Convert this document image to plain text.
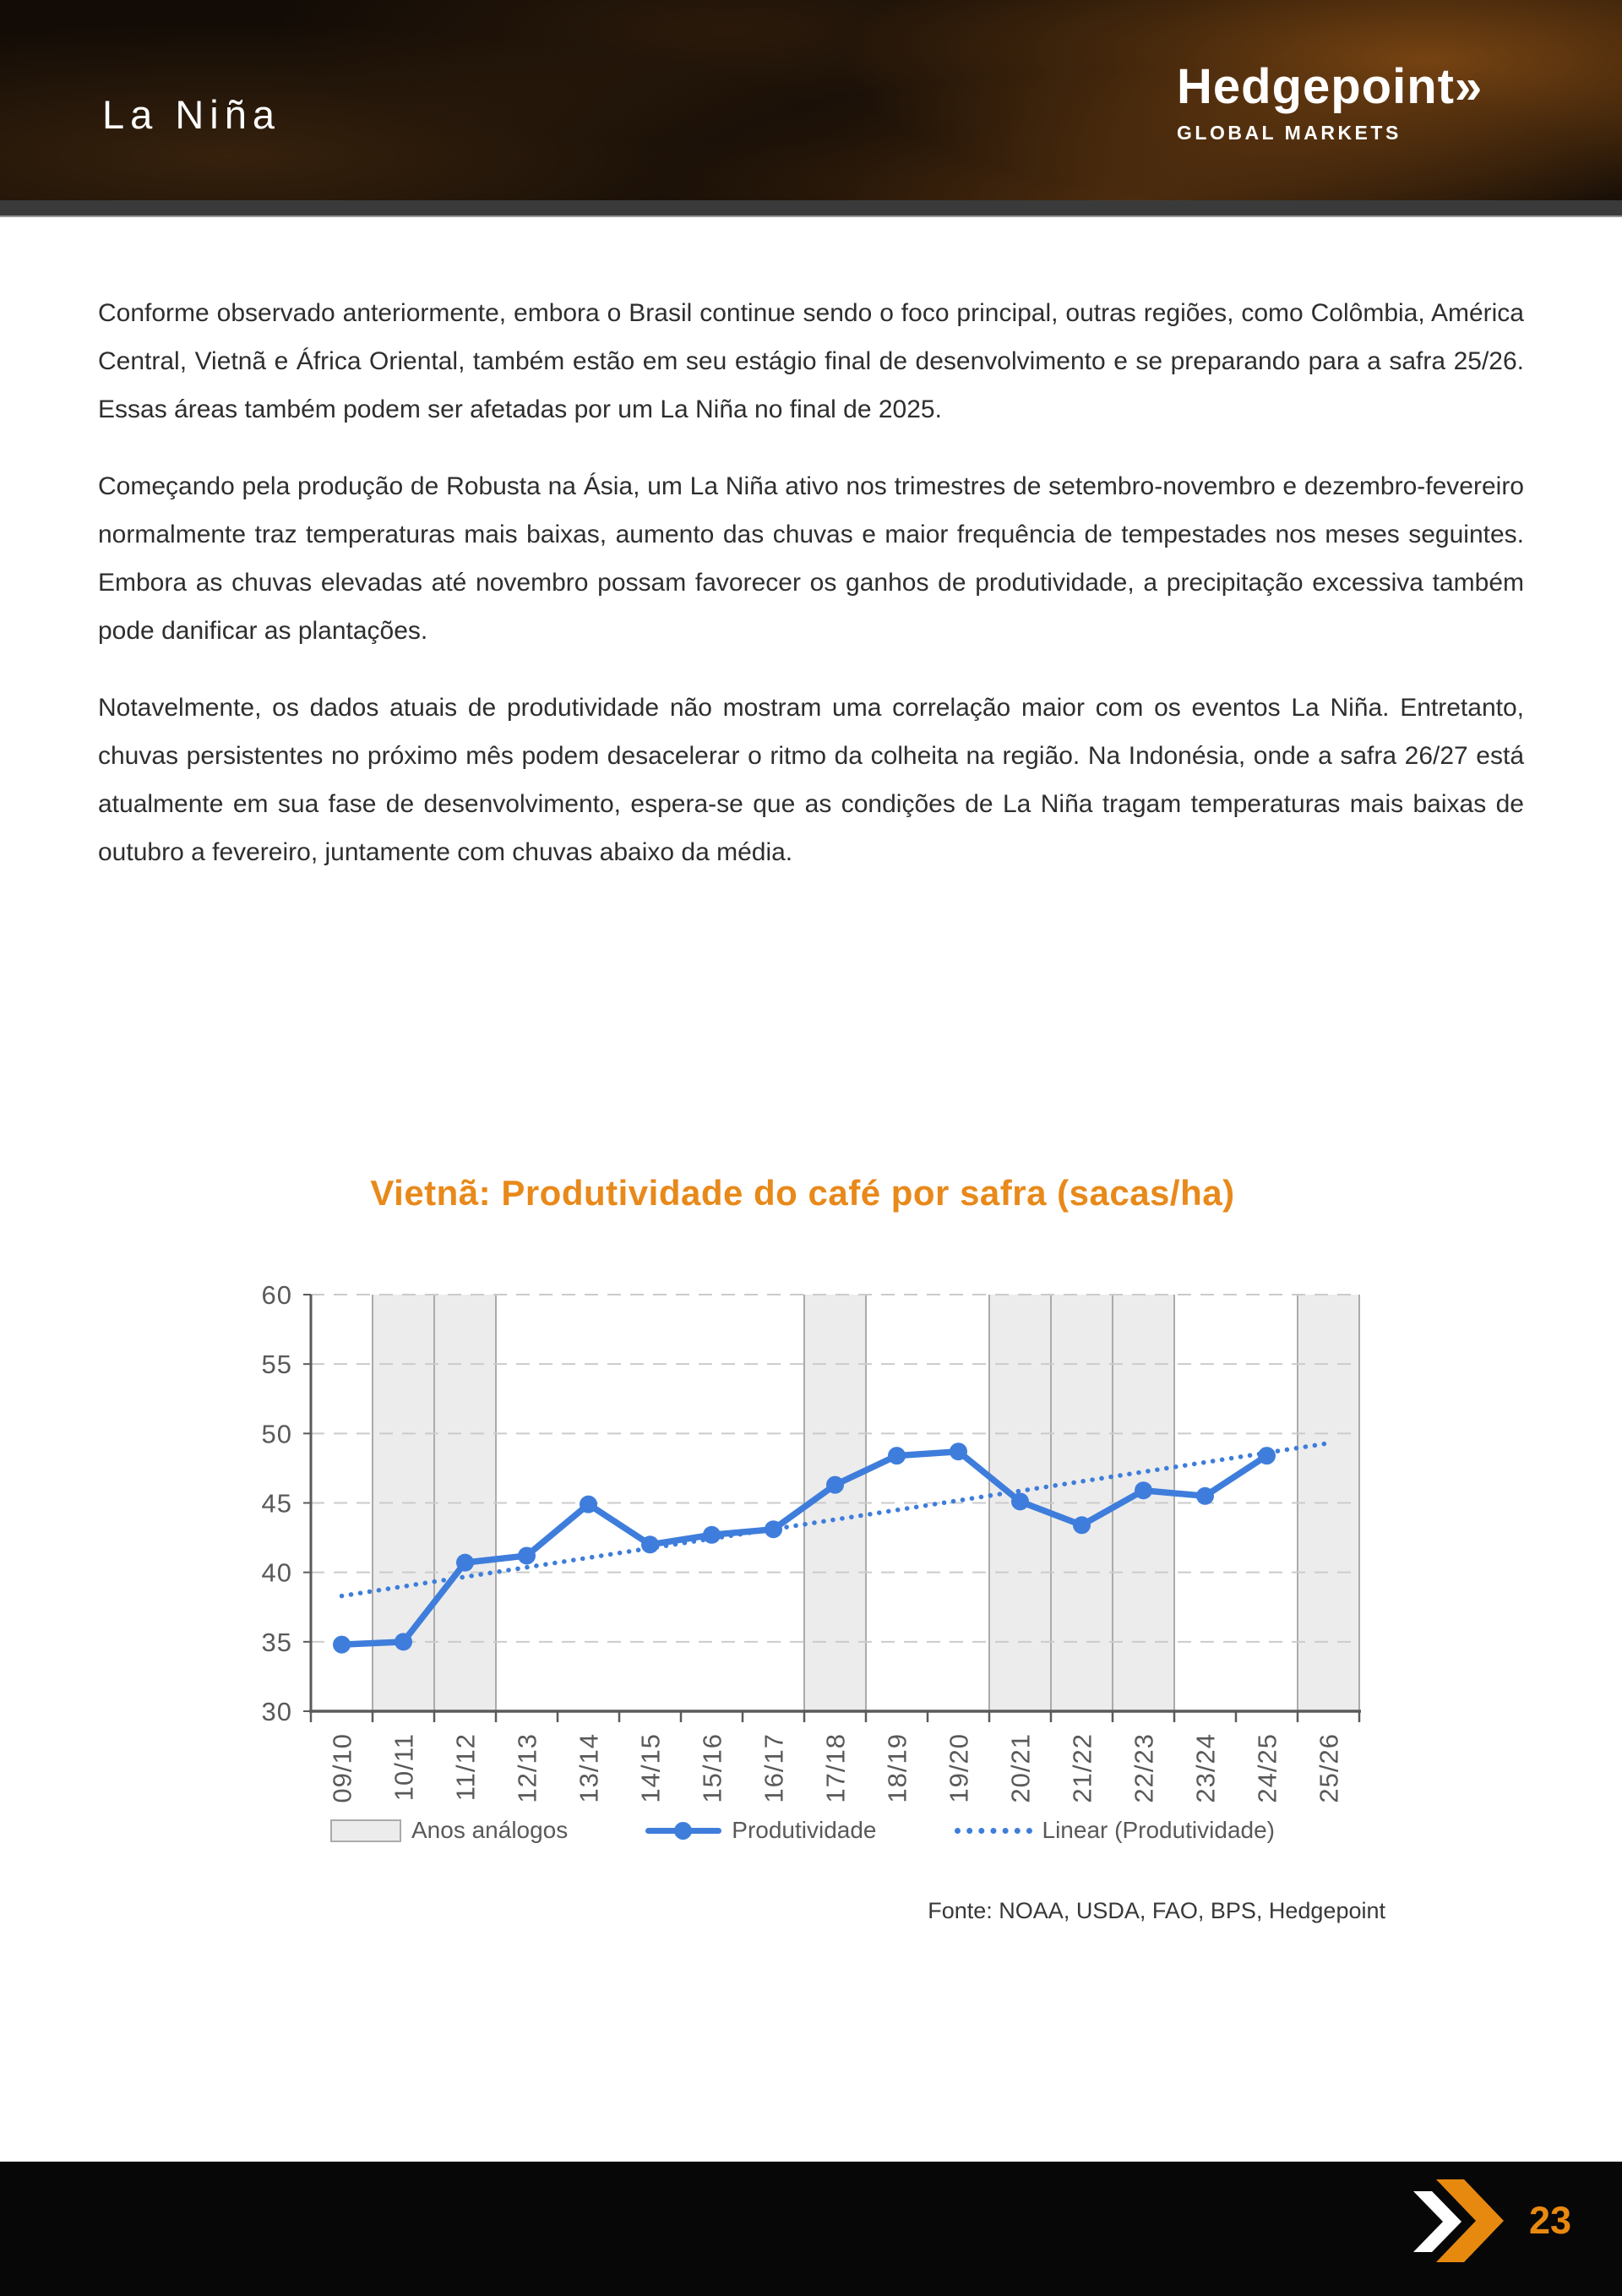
La Niña
Hedgepoint»
GLOBAL MARKETS

Conforme observado anteriormente, embora o Brasil continue sendo o foco principal, outras regiões, como Colômbia, América Central, Vietnã e África Oriental, também estão em seu estágio final de desenvolvimento e se preparando para a safra 25/26. Essas áreas também podem ser afetadas por um La Niña no final de 2025.

Começando pela produção de Robusta na Ásia, um La Niña ativo nos trimestres de setembro-novembro e dezembro-fevereiro normalmente traz temperaturas mais baixas, aumento das chuvas e maior frequência de tempestades nos meses seguintes. Embora as chuvas elevadas até novembro possam favorecer os ganhos de produtividade, a precipitação excessiva também pode danificar as plantações.

Notavelmente, os dados atuais de produtividade não mostram uma correlação maior com os eventos La Niña. Entretanto, chuvas persistentes no próximo mês podem desacelerar o ritmo da colheita na região. Na Indonésia, onde a safra 26/27 está atualmente em sua fase de desenvolvimento, espera-se que as condições de La Niña tragam temperaturas mais baixas de outubro a fevereiro, juntamente com chuvas abaixo da média.

Vietnã: Produtividade do café por safra (sacas/ha)
30
35
40
45
50
55
60
09/10 10/11 11/12 12/13 13/14 14/15 15/16 16/17 17/18 18/19 19/20 20/21 21/22 22/23 23/24 24/25 25/26
Anos análogos	Produtividade	Linear (Produtividade)
Fonte: NOAA, USDA, FAO, BPS, Hedgepoint
23
